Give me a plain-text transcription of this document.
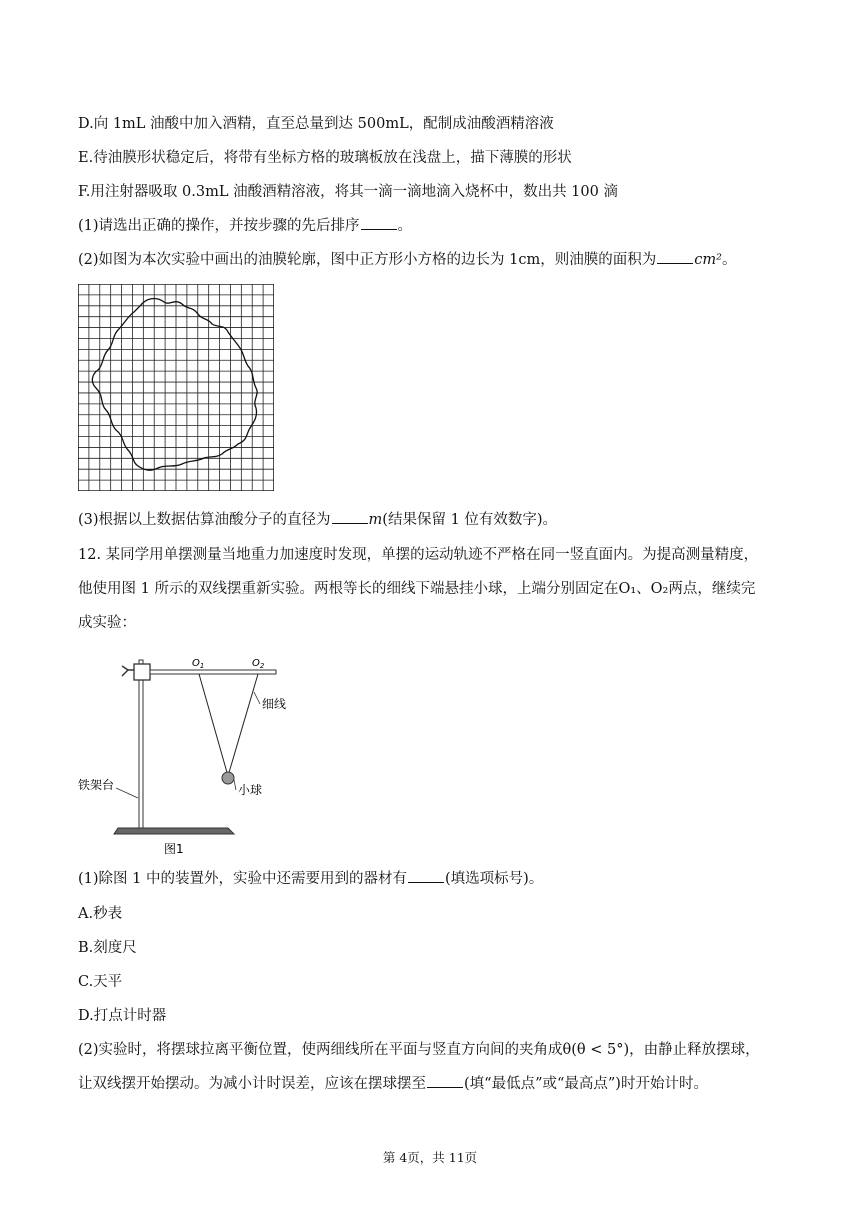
D.向 1mL 油酸中加入酒精，直至总量到达 500mL，配制成油酸酒精溶液
E.待油膜形状稳定后，将带有坐标方格的玻璃板放在浅盘上，描下薄膜的形状
F.用注射器吸取 0.3mL 油酸酒精溶液，将其一滴一滴地滴入烧杯中，数出共 100 滴
(1)请选出正确的操作，并按步骤的先后排序	。
(2)如图为本次实验中画出的油膜轮廓，图中正方形小方格的边长为 1cm，则油膜的面积为	cm²。
(3)根据以上数据估算油酸分子的直径为	m(结果保留 1 位有效数字)。
12. 某同学用单摆测量当地重力加速度时发现，单摆的运动轨迹不严格在同一竖直面内。为提高测量精度，
他使用图 1 所示的双线摆重新实验。两根等长的细线下端悬挂小球，上端分别固定在O₁、O₂两点，继续完
成实验：
$O_1$	$O_2$
细线
小球
铁架台
图1
(1)除图 1 中的装置外，实验中还需要用到的器材有	(填选项标号)。
A.秒表
B.刻度尺
C.天平
D.打点计时器
(2)实验时，将摆球拉离平衡位置，使两细线所在平面与竖直方向间的夹角成θ(θ < 5°)，由静止释放摆球，
让双线摆开始摆动。为减小计时误差，应该在摆球摆至	(填“最低点”或“最高点”)时开始计时。
第 4页，共 11页
